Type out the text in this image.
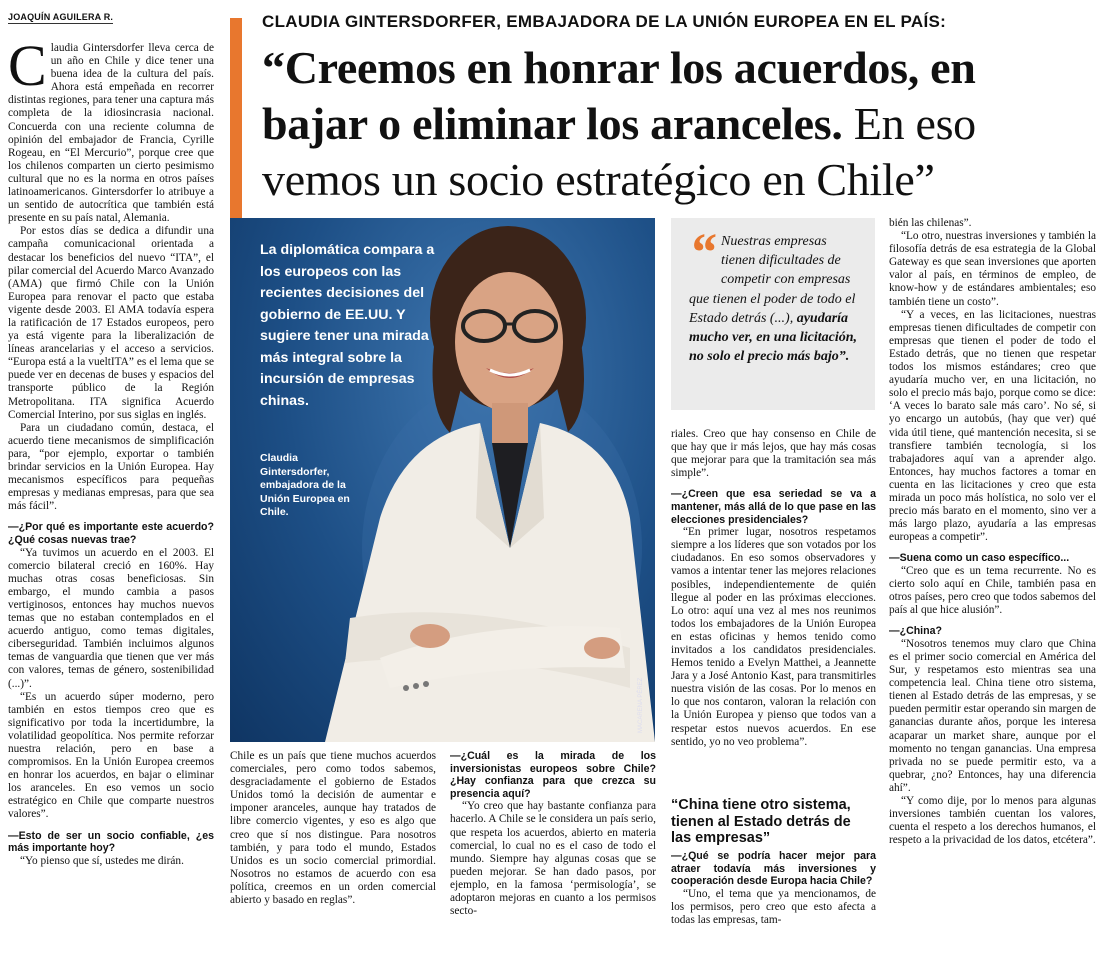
JOAQUÍN AGUILERA R.	CLAUDIA GINTERSDORFER, EMBAJADORA DE LA UNIÓN EUROPEA EN EL PAÍS:
“Creemos en honrar los acuerdos, en bajar o eliminar los aranceles. En eso vemos un socio estratégico en Chile”

Claudia Gintersdorfer lleva cerca de un año en Chile y dice tener una buena idea de la cultura del país. Ahora está empeñada en recorrer distintas regiones, para tener una captura más completa de la idiosincrasia nacional. Concuerda con una reciente columna de opinión del embajador de Francia, Cyrille Rogeau, en “El Mercurio”, porque cree que los chilenos comparten un cierto pesimismo cultural que no es la norma en otros países latinoamericanos. Gintersdorfer lo atribuye a un sentido de autocrítica que también está presente en su país natal, Alemania.

Por estos días se dedica a difundir una campaña comunicacional orientada a destacar los beneficios del nuevo “ITA”, el pilar comercial del Acuerdo Marco Avanzado (AMA) que firmó Chile con la Unión Europea para renovar el pacto que estaba vigente desde 2003. El AMA todavía espera la ratificación de 17 Estados europeos, pero ya está vigente para la liberalización de líneas arancelarias y el acceso a servicios. “Europa está a la vueltITA” es el lema que se puede ver en decenas de buses y espacios del transporte público de la Región Metropolitana. ITA significa Acuerdo Comercial Interino, por sus siglas en inglés.

Para un ciudadano común, destaca, el acuerdo tiene mecanismos de simplificación para, “por ejemplo, exportar o también brindar servicios en la Unión Europea. Hay mecanismos específicos para pequeñas empresas y medianas empresas, para que sea más fácil”.

—¿Por qué es importante este acuerdo? ¿Qué cosas nuevas trae?

“Ya tuvimos un acuerdo en el 2003. El comercio bilateral creció en 160%. Hay muchas otras cosas beneficiosas. Sin embargo, el mundo cambia a pasos vertiginosos, entonces hay muchos nuevos temas que no estaban contemplados en el acuerdo antiguo, como temas digitales, ciberseguridad. También incluimos algunos temas de vanguardia que tienen que ver más con valores, temas de género, sostenibilidad (...)”.

“Es un acuerdo súper moderno, pero también en estos tiempos creo que es significativo por toda la incertidumbre, la volatilidad geopolítica. Nos permite reforzar nuestra relación, pero en base a compromisos. En la Unión Europea creemos en honrar los acuerdos, en bajar o eliminar los aranceles. En eso vemos un socio estratégico en Chile que comparte nuestros valores”.

—Esto de ser un socio confiable, ¿es más importante hoy?

“Yo pienso que sí, ustedes me dirán.

La diplomática compara a los europeos con las recientes decisiones del gobierno de EE.UU. Y sugiere tener una mirada más integral sobre la incursión de empresas chinas.
Claudia Gintersdorfer, embajadora de la Unión Europea en Chile.
MACARENA PÉREZ

Chile es un país que tiene muchos acuerdos comerciales, pero como todos sabemos, desgraciadamente el gobierno de Estados Unidos tomó la decisión de aumentar e imponer aranceles, aunque hay tratados de libre comercio vigentes, y eso es algo que creo que sí nos distingue. Para nosotros también, y para todo el mundo, Estados Unidos es un socio comercial primordial. Nosotros no estamos de acuerdo con esa política, creemos en un orden comercial abierto y basado en reglas”.

—¿Cuál es la mirada de los inversionistas europeos sobre Chile? ¿Hay confianza para que crezca su presencia aquí?

“Yo creo que hay bastante confianza para hacerlo. A Chile se le considera un país serio, que respeta los acuerdos, abierto en materia comercial, lo cual no es el caso de todo el mundo. Siempre hay algunas cosas que se pueden mejorar. Se han dado pasos, por ejemplo, en la famosa ‘permisología’, se adoptaron mejoras en cuanto a los permisos secto-

“ Nuestras empresas tienen dificultades de competir con empresas que tienen el poder de todo el Estado detrás (...), ayudaría mucho ver, en una licitación, no solo el precio más bajo”.

riales. Creo que hay consenso en Chile de que hay que ir más lejos, que hay más cosas que mejorar para que la tramitación sea más simple”.

—¿Creen que esa seriedad se va a mantener, más allá de lo que pase en las elecciones presidenciales?

“En primer lugar, nosotros respetamos siempre a los líderes que son votados por los ciudadanos. En eso somos observadores y vamos a intentar tener las mejores relaciones posibles, independientemente de quién llegue al poder en las próximas elecciones. Lo otro: aquí una vez al mes nos reunimos todos los embajadores de la Unión Europea en estas oficinas y hemos tenido como invitados a los candidatos presidenciales. Hemos tenido a Evelyn Matthei, a Jeannette Jara y a José Antonio Kast, para transmitirles nuestra visión de las cosas. Por lo menos en lo que nos contaron, valoran la relación con la Unión Europea y pienso que todos van a respetar estos nuevos acuerdos. En ese sentido, yo no veo problema”.

“China tiene otro sistema, tienen al Estado detrás de las empresas”

—¿Qué se podría hacer mejor para atraer todavía más inversiones y cooperación desde Europa hacia Chile?

“Uno, el tema que ya mencionamos, de los permisos, pero creo que esto afecta a todas las empresas, tam-

bién las chilenas”.

“Lo otro, nuestras inversiones y también la filosofía detrás de esa estrategia de la Global Gateway es que sean inversiones que aporten valor al país, en términos de empleo, de know-how y de estándares ambientales; eso también tiene un costo”.

“Y a veces, en las licitaciones, nuestras empresas tienen dificultades de competir con empresas que tienen el poder de todo el Estado detrás, que no tienen que respetar todos los mismos estándares; creo que ayudaría mucho ver, en una licitación, no solo el precio más bajo, porque como se dice: ‘A veces lo barato sale más caro’. No sé, si yo encargo un autobús, (hay que ver) qué vida útil tiene, qué mantención necesita, si se transfiere también tecnología, si los trabajadores aquí van a aprender algo. Entonces, hay muchos factores a tomar en cuenta en las licitaciones y creo que esta mirada un poco más holística, no solo ver el precio más barato en el momento, sino ver a más largo plazo, ayudaría a las empresas europeas a competir”.

—Suena como un caso específico...

“Creo que es un tema recurrente. No es cierto solo aquí en Chile, también pasa en otros países, pero creo que todos sabemos del país al que hice alusión”.

—¿China?

“Nosotros tenemos muy claro que China es el primer socio comercial en América del Sur, y respetamos esto mientras sea una competencia leal. China tiene otro sistema, tienen al Estado detrás de las empresas, y se pueden permitir estar operando sin margen de ganancias durante años, porque les interesa acaparar un market share, aunque por el momento no tengan ganancias. Una empresa privada no se puede permitir esto, va a quebrar, ¿no? Entonces, hay una diferencia ahí”.

“Y como dije, por lo menos para algunas inversiones también cuentan los valores, cuenta el respeto a los derechos humanos, el respeto a la privacidad de los datos, etcétera”.
